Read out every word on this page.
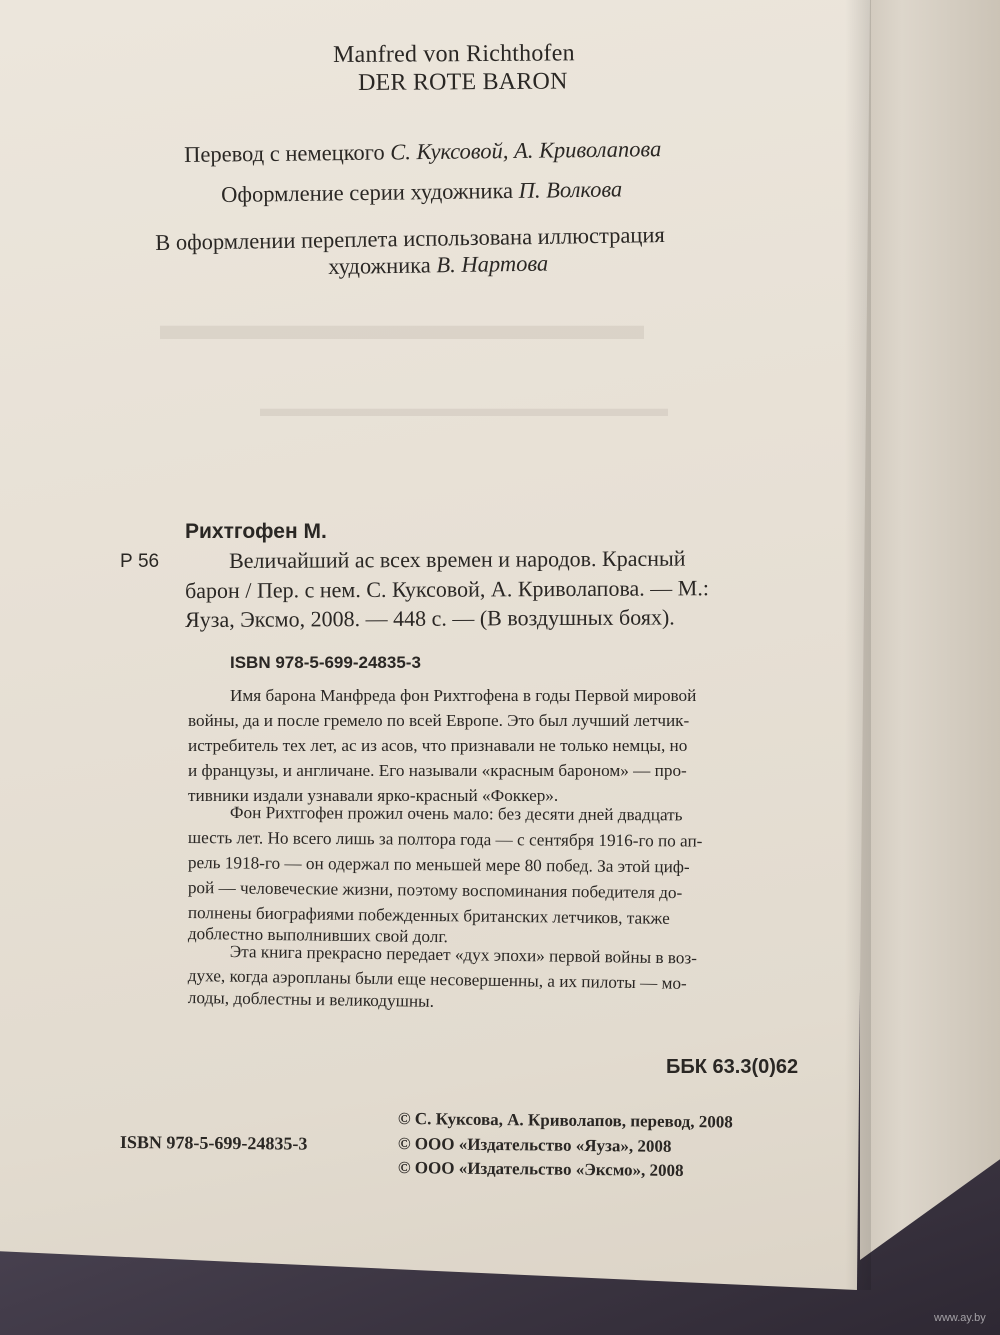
▬▬▬▬▬▬▬▬▬▬▬
▬▬▬▬▬▬▬▬▬▬▬▬▬▬▬▬▬
Manfred von Richthofen
DER ROTE BARON
Перевод с немецкого С. Куксовой, А. Криволапова
Оформление серии художника П. Волкова
В оформлении переплета использована иллюстрация
художника В. Нартова
Рихтгофен М.
Р 56	Величайший ас всех времен и народов. Красный
барон / Пер. с нем. С. Куксовой, А. Криволапова. — М.:
Яуза, Эксмо, 2008. — 448 с. — (В воздушных боях).
ISBN 978-5-699-24835-3
Имя барона Манфреда фон Рихтгофена в годы Первой мировой
войны, да и после гремело по всей Европе. Это был лучший летчик-
истребитель тех лет, ас из асов, что признавали не только немцы, но
и французы, и англичане. Его называли «красным бароном» — про-
тивники издали узнавали ярко-красный «Фоккер».
Фон Рихтгофен прожил очень мало: без десяти дней двадцать
шесть лет. Но всего лишь за полтора года — с сентября 1916-го по ап-
рель 1918-го — он одержал по меньшей мере 80 побед. За этой циф-
рой — человеческие жизни, поэтому воспоминания победителя до-
полнены биографиями побежденных британских летчиков, также
доблестно выполнивших свой долг.
Эта книга прекрасно передает «дух эпохи» первой войны в воз-
духе, когда аэропланы были еще несовершенны, а их пилоты — мо-
лоды, доблестны и великодушны.
ББК 63.3(0)62
© С. Куксова, А. Криволапов, перевод, 2008
© ООО «Издательство «Яуза», 2008
© ООО «Издательство «Эксмо», 2008
ISBN 978-5-699-24835-3
www.ay.by
